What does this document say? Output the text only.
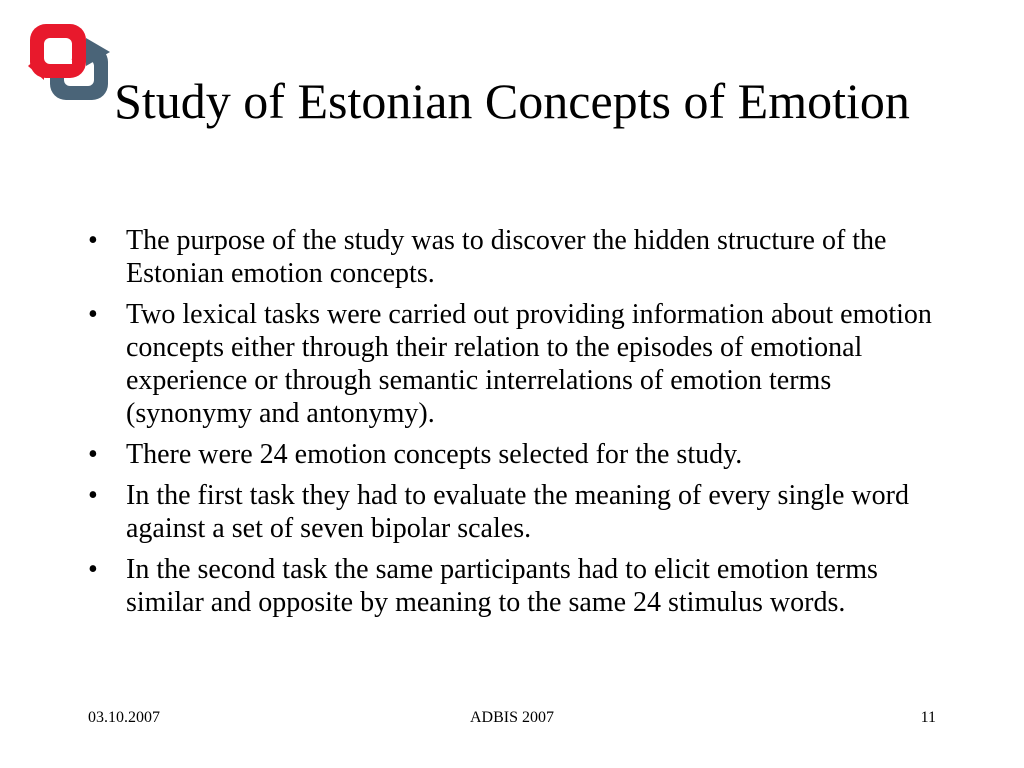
Study of Estonian Concepts of Emotion
• The purpose of the study was to discover the hidden structure of the Estonian emotion concepts.
• Two lexical tasks were carried out providing information about emotion concepts either through their relation to the episodes of emotional experience or through semantic interrelations of emotion terms (synonymy and antonymy).
• There were 24 emotion concepts selected for the study.
• In the first task they had to evaluate the meaning of every single word against a set of seven bipolar scales.
• In the second task the same participants had to elicit emotion terms similar and opposite by meaning to the same 24 stimulus words.
03.10.2007	ADBIS 2007	11
